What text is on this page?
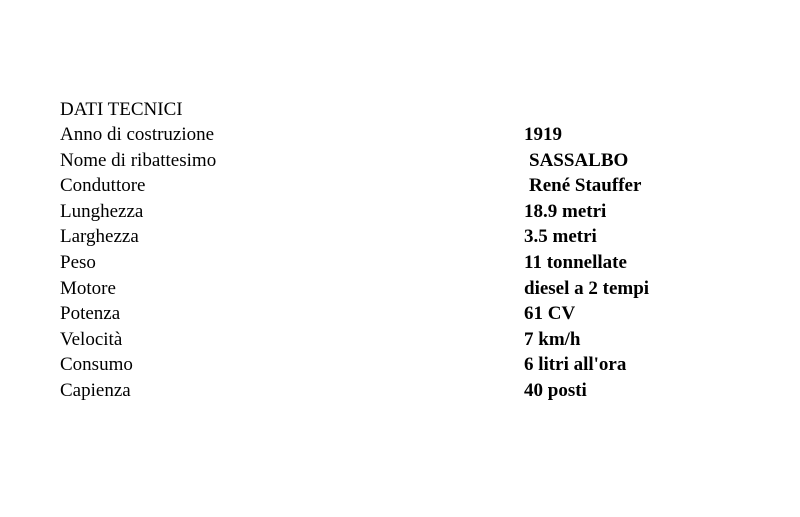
DATI TECNICI
Anno di costruzione	1919
Nome di ribattesimo	SASSALBO
Conduttore	René Stauffer
Lunghezza	18.9 metri
Larghezza	3.5 metri
Peso	11 tonnellate
Motore	diesel a 2 tempi
Potenza	61 CV
Velocità	7 km/h
Consumo	6 litri all'ora
Capienza	40 posti
